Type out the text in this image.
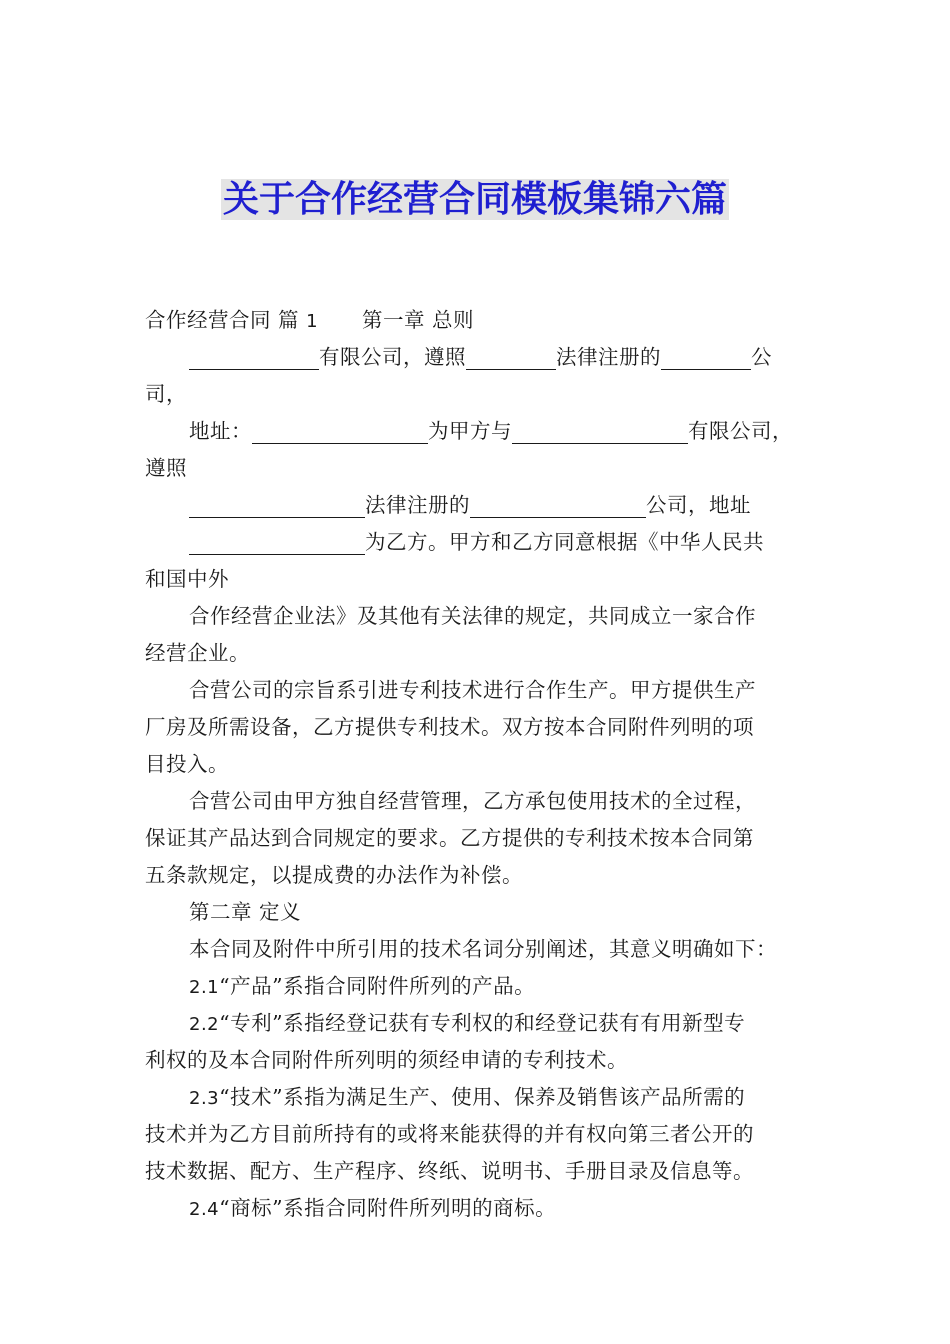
关于合作经营合同模板集锦六篇
合作经营合同 篇 1 第一章 总则
有限公司，遵照	法律注册的	公
司，
地址：	为甲方与	有限公司，
遵照
法律注册的	公司，地址
为乙方。甲方和乙方同意根据《中华人民共
和国中外
合作经营企业法》及其他有关法律的规定，共同成立一家合作
经营企业。
合营公司的宗旨系引进专利技术进行合作生产。甲方提供生产
厂房及所需设备，乙方提供专利技术。双方按本合同附件列明的项
目投入。
合营公司由甲方独自经营管理，乙方承包使用技术的全过程，
保证其产品达到合同规定的要求。乙方提供的专利技术按本合同第
五条款规定，以提成费的办法作为补偿。
第二章 定义
本合同及附件中所引用的技术名词分别阐述，其意义明确如下：
2.1“产品”系指合同附件所列的产品。
2.2“专利”系指经登记获有专利权的和经登记获有有用新型专
利权的及本合同附件所列明的须经申请的专利技术。
2.3“技术”系指为满足生产、使用、保养及销售该产品所需的
技术并为乙方目前所持有的或将来能获得的并有权向第三者公开的
技术数据、配方、生产程序、终纸、说明书、手册目录及信息等。
2.4“商标”系指合同附件所列明的商标。
